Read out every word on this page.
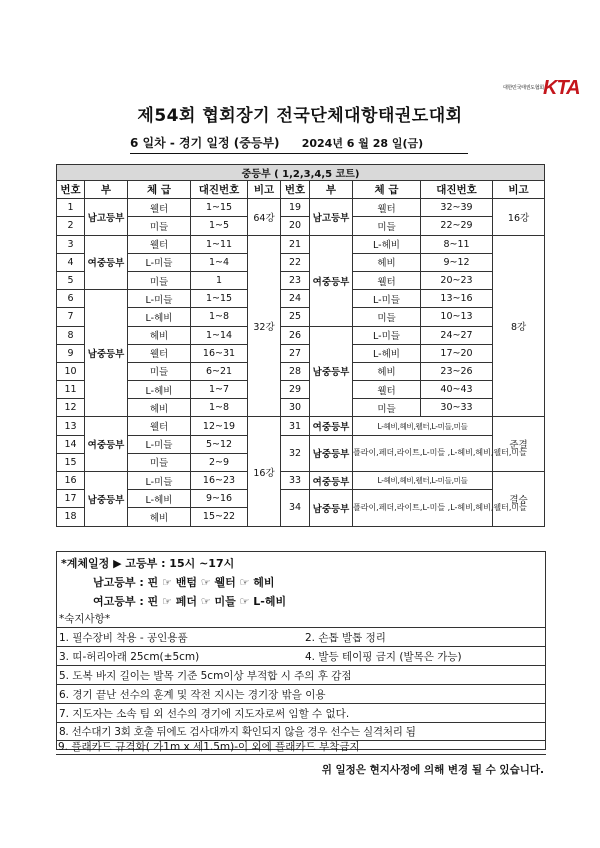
대한민국태권도협회 KTA
제54회 협회장기 전국단체대항태권도대회
6 일차 - 경기 일정 (중등부) 2024년 6 월 28 일(금)
중등부 ( 1,2,3,4,5 코트)									
번호	부	체 급	대진번호	비고	번호	부	체 급	대진번호	비고
1	남고등부	웰터	1~15	64강	19	남고등부	웰터	32~39	16강
2		미들	1~5		20		미들	22~29	
3	여중등부	웰터	1~11	32강	21	여중등부	L-헤비	8~11	8강
4		L-미들	1~4		22		헤비	9~12	
5		미들	1		23		웰터	20~23	
6	남중등부	L-미들	1~15		24		L-미들	13~16	
7		L-헤비	1~8		25		미들	10~13	
8		헤비	1~14		26	남중등부	L-미들	24~27	
9		웰터	16~31		27		L-헤비	17~20	
10		미들	6~21		28		헤비	23~26	
11		L-헤비	1~7		29		웰터	40~43	
12		헤비	1~8		30		미들	30~33	
13	여중등부	웰터	12~19	16강	31	여중등부	L-헤비,헤비,웰터,L-미들,미들		준결
14		L-미들	5~12		32	남중등부	플라이,페더,라이트,L-미들 ,L-헤비,헤비,웰터,미들		
15		미들	2~9						
16	남중등부	L-미들	16~23		33	여중등부	L-헤비,헤비,웰터,L-미들,미들		결승
17		L-헤비	9~16		34	남중등부	플라이,페더,라이트,L-미들 ,L-헤비,헤비,웰터,미들		
18		헤비	15~22						
*계체일정 ▶ 고등부 : 15시 ~17시
남고등부 : 핀 ☞ 밴텀 ☞ 웰터 ☞ 헤비
여고등부 : 핀 ☞ 페더 ☞ 미들 ☞ L-헤비
*숙지사항*
1. 필수장비 착용 - 공인용품	2. 손톱 발톱 정리
3. 띠-허리아래 25cm(±5cm)	4. 발등 테이핑 금지 (발목은 가능)
5. 도복 바지 길이는 발목 기준 5cm이상 부적합 시 주의 후 감점
6. 경기 끝난 선수의 훈계 및 작전 지시는 경기장 밖을 이용
7. 지도자는 소속 팀 외 선수의 경기에 지도자로써 임할 수 없다.
8. 선수대기 3회 호출 뒤에도 검사대까지 확인되지 않을 경우 선수는 실격처리 됨
9. 플래카드 규격화( 가1m x 세1.5m)-이 외에 플래카드 부착금지
위 일정은 현지사정에 의해 변경 될 수 있습니다.
